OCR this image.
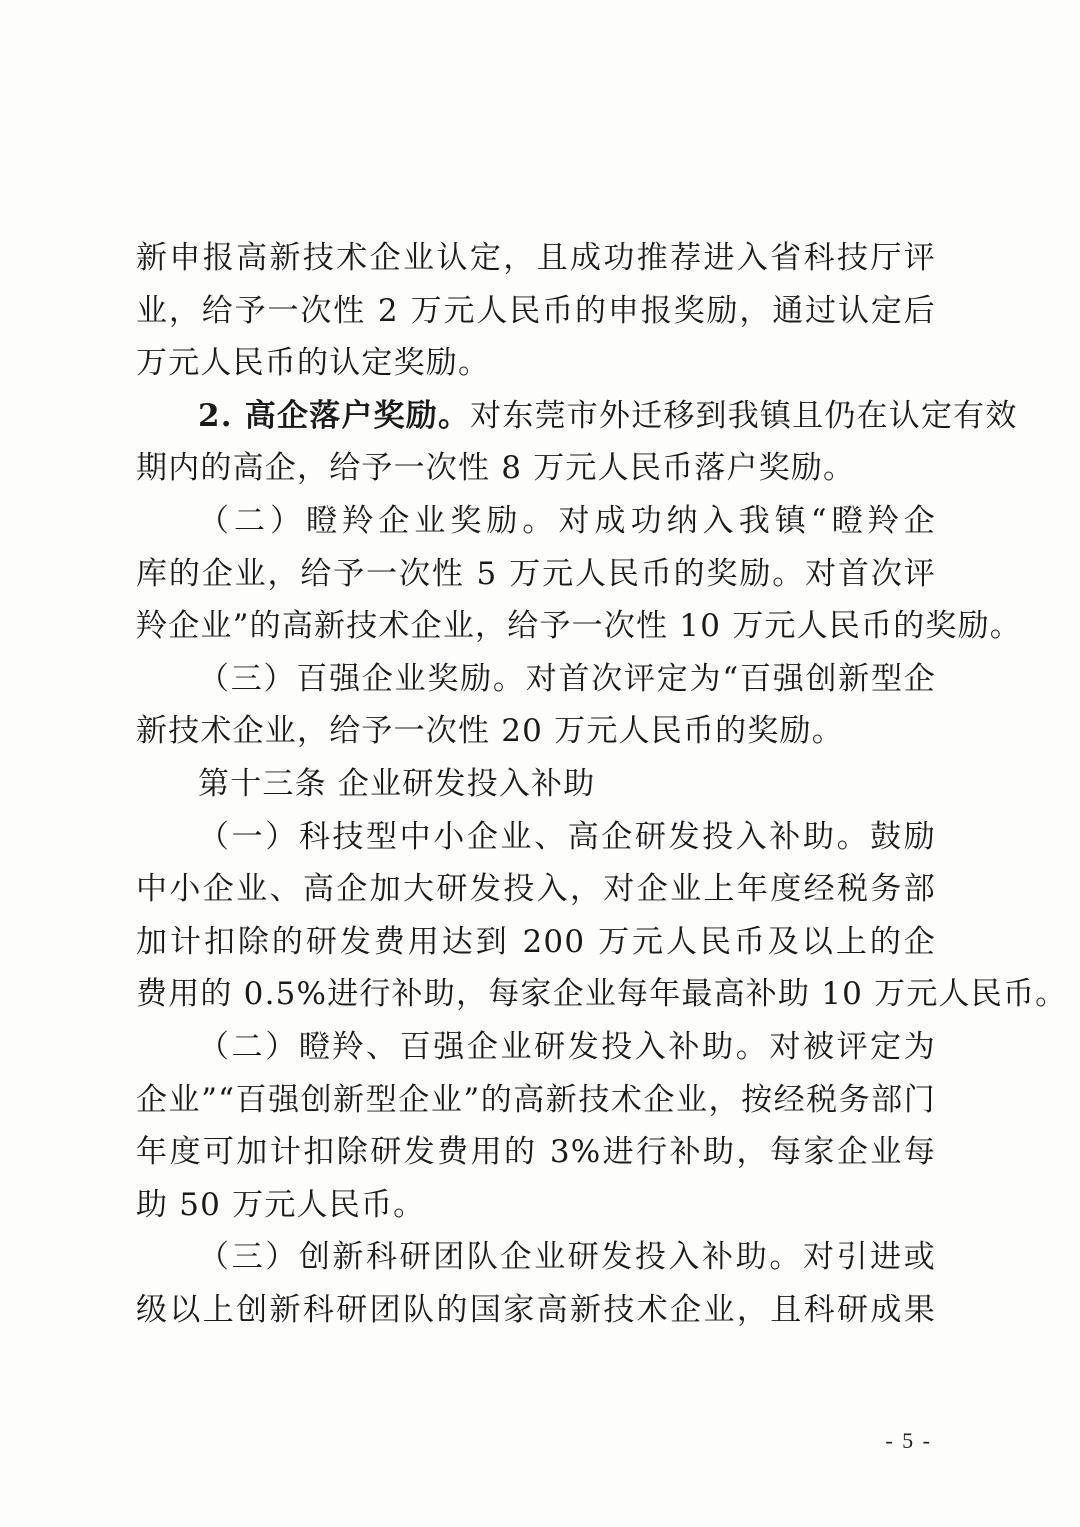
新申报高新技术企业认定，且成功推荐进入省科技厅评
业，给予一次性 2 万元人民币的申报奖励，通过认定后
万元人民币的认定奖励。
2. 高企落户奖励。对东莞市外迁移到我镇且仍在认定有效
期内的高企，给予一次性 8 万元人民币落户奖励。
（二）瞪羚企业奖励。对成功纳入我镇“瞪羚企
库的企业，给予一次性 5 万元人民币的奖励。对首次评
羚企业”的高新技术企业，给予一次性 10 万元人民币的奖励。
（三）百强企业奖励。对首次评定为“百强创新型企
新技术企业，给予一次性 20 万元人民币的奖励。
第十三条 企业研发投入补助
（一）科技型中小企业、高企研发投入补助。鼓励
中小企业、高企加大研发投入，对企业上年度经税务部
加计扣除的研发费用达到 200 万元人民币及以上的企
费用的 0.5%进行补助，每家企业每年最高补助 10 万元人民币。
（二）瞪羚、百强企业研发投入补助。对被评定为
企业”“百强创新型企业”的高新技术企业，按经税务部门
年度可加计扣除研发费用的 3%进行补助，每家企业每
助 50 万元人民币。
（三）创新科研团队企业研发投入补助。对引进或
级以上创新科研团队的国家高新技术企业，且科研成果
- 5 -
